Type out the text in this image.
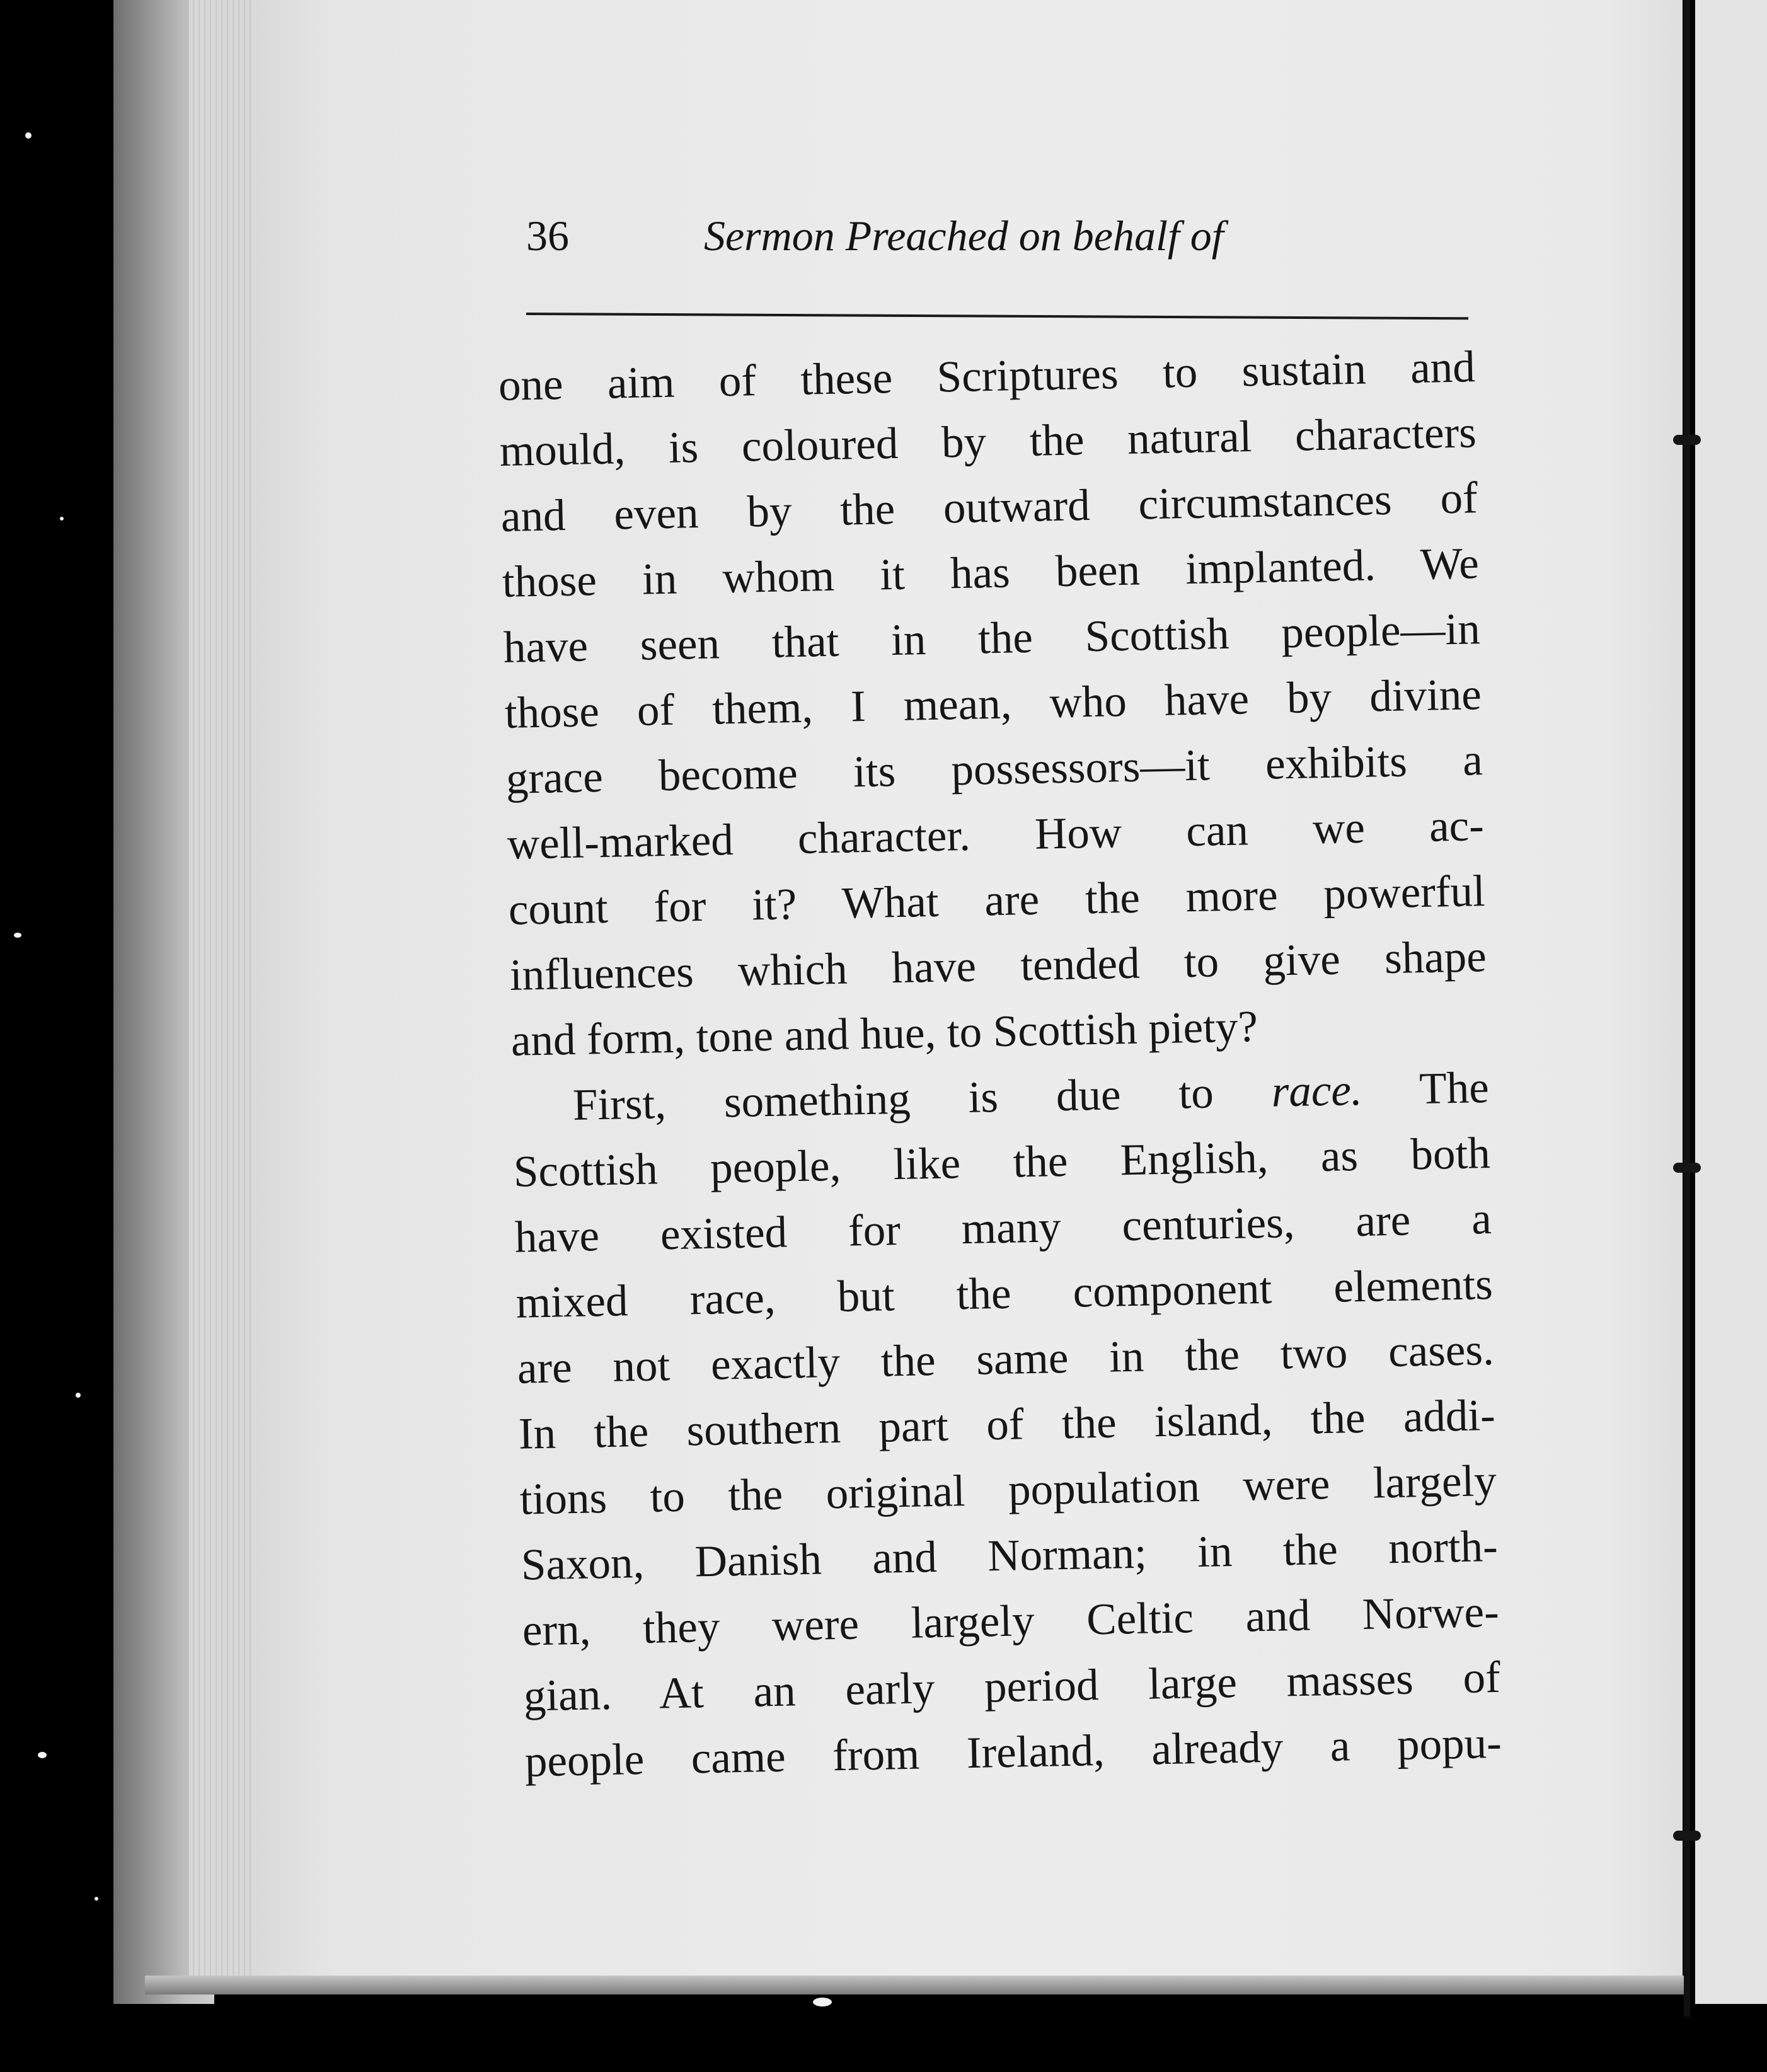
36	Sermon Preached on behalf of
one aim of these Scriptures to sustain and
mould, is coloured by the natural characters
and even by the outward circumstances of
those in whom it has been implanted. We
have seen that in the Scottish people—in
those of them, I mean, who have by divine
grace become its possessors—it exhibits a
well-marked character. How can we ac-
count for it? What are the more powerful
influences which have tended to give shape
and form, tone and hue, to Scottish piety?
First, something is due to race. The
Scottish people, like the English, as both
have existed for many centuries, are a
mixed race, but the component elements
are not exactly the same in the two cases.
In the southern part of the island, the addi-
tions to the original population were largely
Saxon, Danish and Norman; in the north-
ern, they were largely Celtic and Norwe-
gian. At an early period large masses of
people came from Ireland, already a popu-
